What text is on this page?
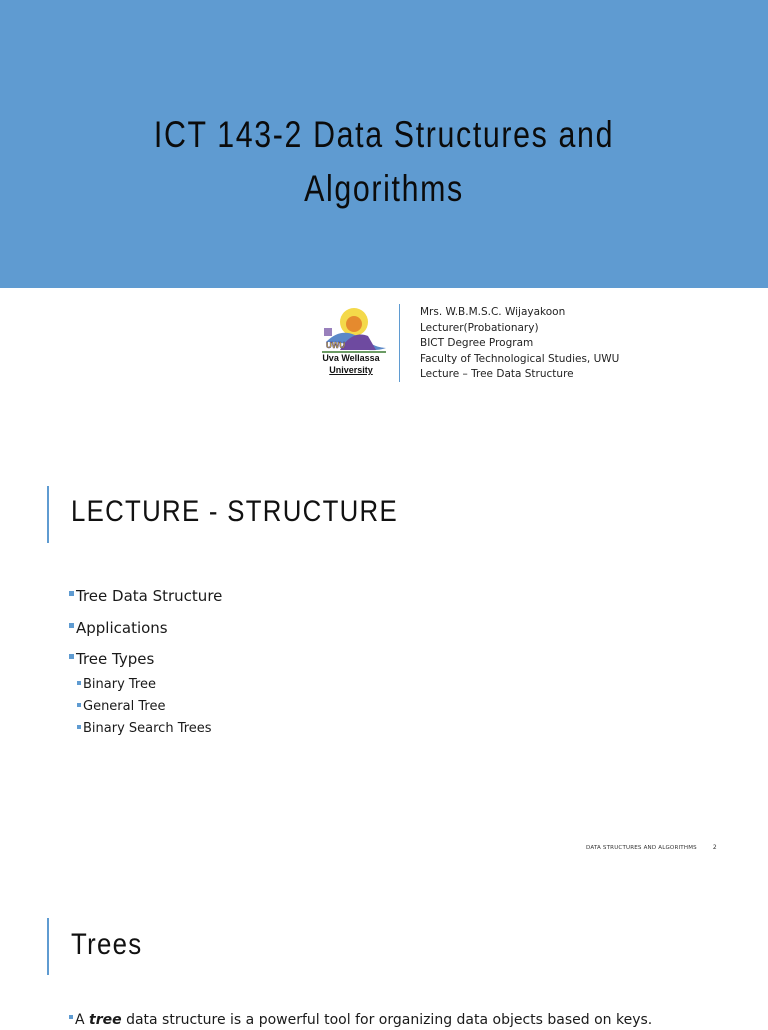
ICT 143-2 Data Structures and
Algorithms
UWU
Uva Wellassa
University
Mrs. W.B.M.S.C. Wijayakoon
Lecturer(Probationary)
BICT Degree Program
Faculty of Technological Studies, UWU
Lecture – Tree Data Structure
LECTURE - STRUCTURE
Tree Data Structure
Applications
Tree Types
Binary Tree
General Tree
Binary Search Trees
DATA STRUCTURES AND ALGORITHMS	2
Trees
A tree data structure is a powerful tool for organizing data objects based on keys.
